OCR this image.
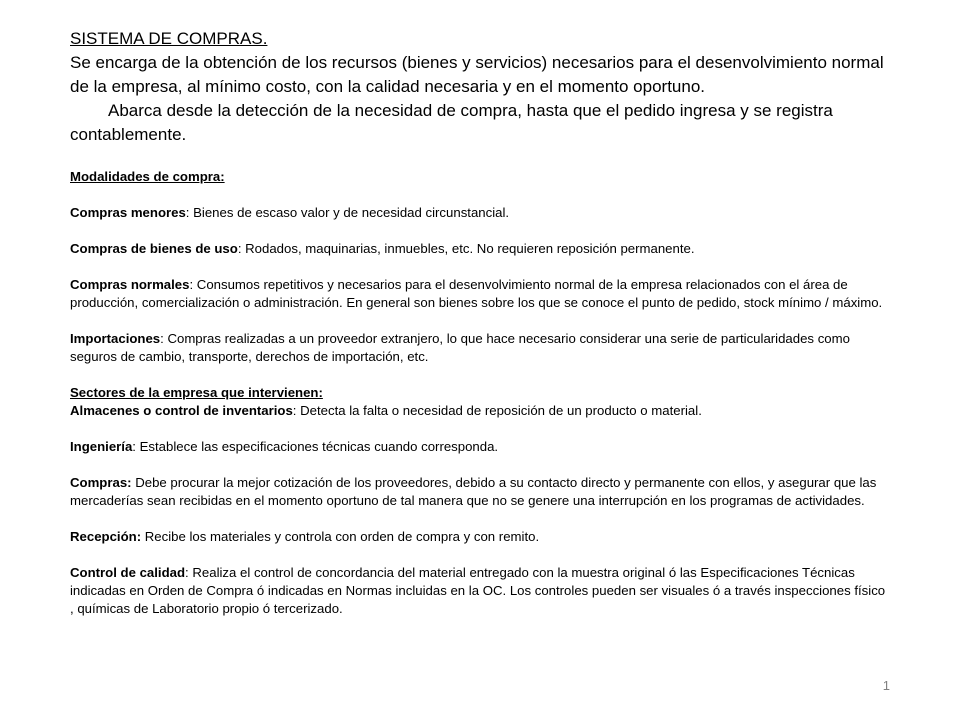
SISTEMA DE COMPRAS.

Se encarga de la obtención de los recursos (bienes y servicios) necesarios para el desenvolvimiento normal de la empresa, al mínimo costo, con la calidad necesaria y en el momento oportuno.

Abarca desde la detección de la necesidad de compra, hasta que el pedido ingresa y se registra contablemente.

Modalidades de compra:

Compras menores: Bienes de escaso valor y de necesidad circunstancial.

Compras de bienes de uso: Rodados, maquinarias, inmuebles, etc. No requieren reposición permanente.

Compras normales: Consumos repetitivos y necesarios para el desenvolvimiento normal de la empresa relacionados con el área de producción, comercialización o administración. En general son bienes sobre los que se conoce el punto de pedido, stock mínimo / máximo.

Importaciones: Compras realizadas a un proveedor extranjero, lo que hace necesario considerar una serie de particularidades como seguros de cambio, transporte, derechos de importación, etc.

Sectores de la empresa que intervienen:

Almacenes o control de inventarios: Detecta la falta o necesidad de reposición de un producto o material.

Ingeniería: Establece las especificaciones técnicas cuando corresponda.

Compras: Debe procurar la mejor cotización de los proveedores, debido a su contacto directo y permanente con ellos, y asegurar que las mercaderías sean recibidas en el momento oportuno de tal manera que no se genere una interrupción en los programas de actividades.

Recepción: Recibe los materiales y controla con orden de compra y con remito.

Control de calidad: Realiza el control de concordancia del material entregado con la muestra original ó las Especificaciones Técnicas indicadas en Orden de Compra ó indicadas en Normas incluidas en la OC. Los controles pueden ser visuales ó a través inspecciones físico , químicas de Laboratorio propio ó tercerizado.

1
